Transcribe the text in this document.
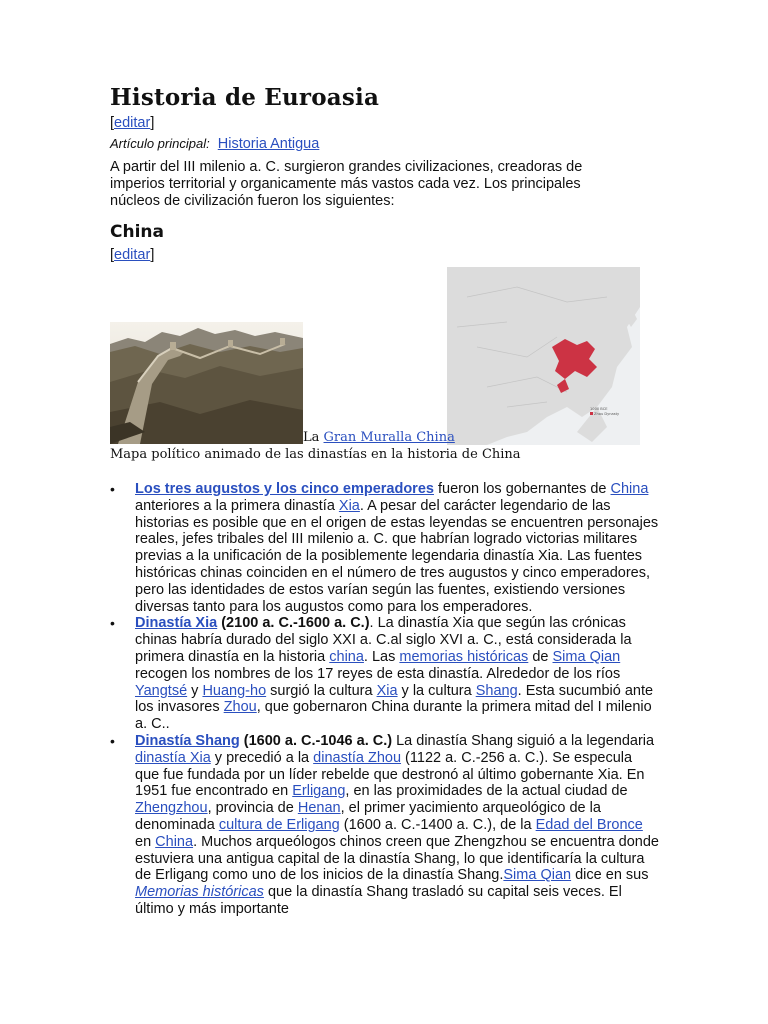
Historia de Euroasia
[editar]
Artículo principal: Historia Antigua

A partir del III milenio a. C. surgieron grandes civilizaciones, creadoras de imperios territorial y organicamente más vastos cada vez. Los principales núcleos de civilización fueron los siguientes:

China
[editar]
1000 BCE
Zhou Dynasty
La Gran Muralla China
Mapa político animado de las dinastías en la historia de China
• Los tres augustos y los cinco emperadores fueron los gobernantes de China anteriores a la primera dinastía Xia. A pesar del carácter legendario de las historias es posible que en el origen de estas leyendas se encuentren personajes reales, jefes tribales del III milenio a. C. que habrían logrado victorias militares previas a la unificación de la posiblemente legendaria dinastía Xia. Las fuentes históricas chinas coinciden en el número de tres augustos y cinco emperadores, pero las identidades de estos varían según las fuentes, existiendo versiones diversas tanto para los augustos como para los emperadores.
• Dinastía Xia (2100 a. C.-1600 a. C.). La dinastía Xia que según las crónicas chinas habría durado del siglo XXI a. C.al siglo XVI a. C., está considerada la primera dinastía en la historia china. Las memorias históricas de Sima Qian recogen los nombres de los 17 reyes de esta dinastía. Alrededor de los ríos Yangtsé y Huang-ho surgió la cultura Xia y la cultura Shang. Esta sucumbió ante los invasores Zhou, que gobernaron China durante la primera mitad del I milenio a. C..
• Dinastía Shang (1600 a. C.-1046 a. C.) La dinastía Shang siguió a la legendaria dinastía Xia y precedió a la dinastía Zhou (1122 a. C.-256 a. C.). Se especula que fue fundada por un líder rebelde que destronó al último gobernante Xia. En 1951 fue encontrado en Erligang, en las proximidades de la actual ciudad de Zhengzhou, provincia de Henan, el primer yacimiento arqueológico de la denominada cultura de Erligang (1600 a. C.-1400 a. C.), de la Edad del Bronce en China. Muchos arqueólogos chinos creen que Zhengzhou se encuentra donde estuviera una antigua capital de la dinastía Shang, lo que identificaría la cultura de Erligang como uno de los inicios de la dinastía Shang.Sima Qian dice en sus Memorias históricas que la dinastía Shang trasladó su capital seis veces. El último y más importante
